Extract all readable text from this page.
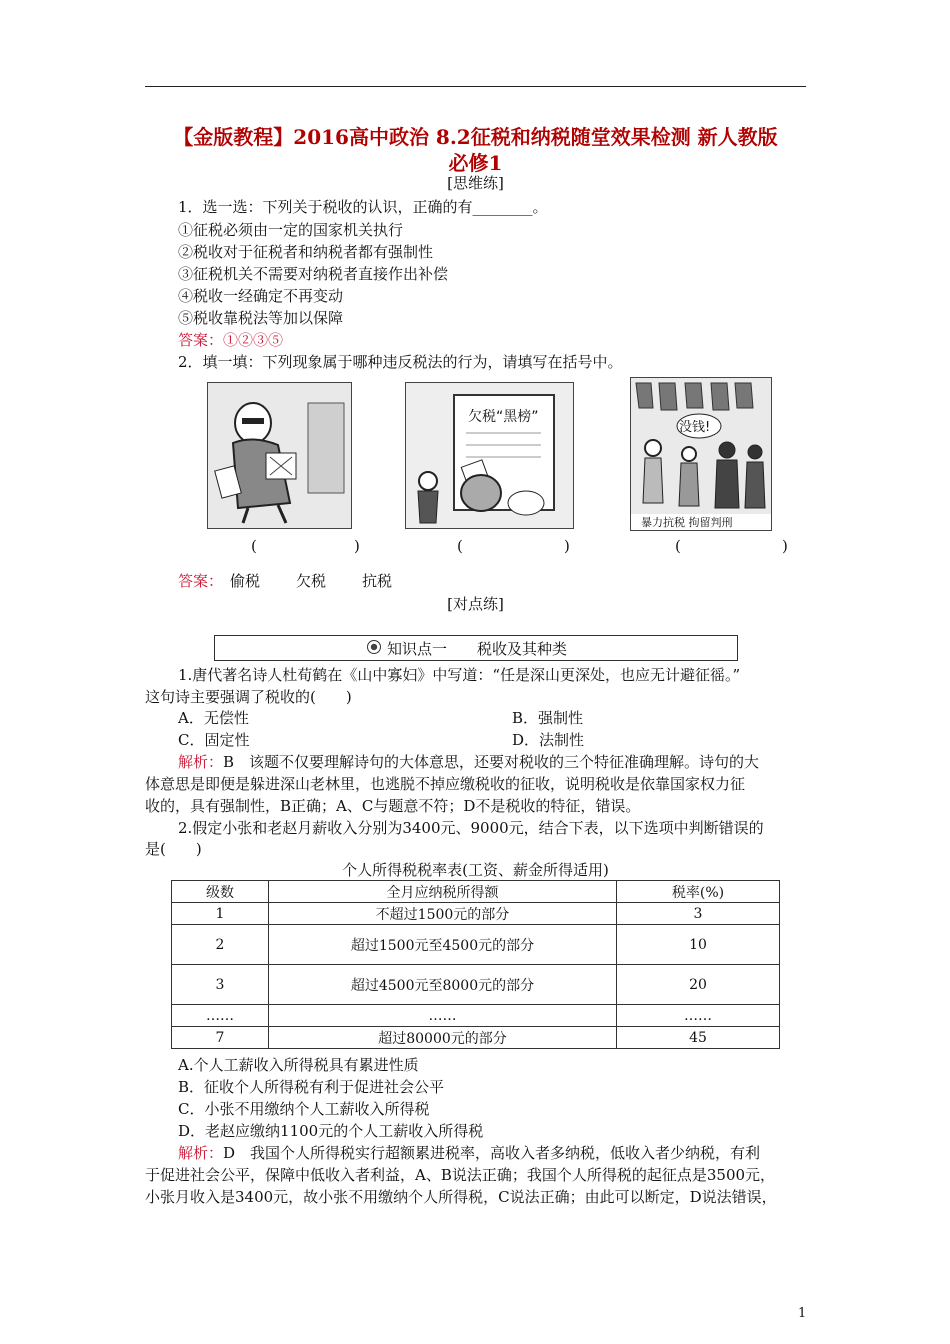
【金版教程】2016高中政治 8.2征税和纳税随堂效果检测 新人教版
必修1
[思维练]
1．选一选：下列关于税收的认识，正确的有________。
①征税必须由一定的国家机关执行
②税收对于征税者和纳税者都有强制性
③征税机关不需要对纳税者直接作出补偿
④税收一经确定不再变动
⑤税收靠税法等加以保障
答案：①②③⑤
2．填一填：下列现象属于哪种违反税法的行为，请填写在括号中。
欠税“黑榜”
没钱!
暴力抗税 拘留判刑
(	)	(	)	(	)
答案： 偷税 欠税 抗税
[对点练]
知识点一　　税收及其种类
1.唐代著名诗人杜荀鹤在《山中寡妇》中写道：“任是深山更深处，也应无计避征徭。”
这句诗主要强调了税收的(　　)
A．无偿性	B．强制性
C．固定性	D．法制性
解析：B　该题不仅要理解诗句的大体意思，还要对税收的三个特征准确理解。诗句的大
体意思是即便是躲进深山老林里，也逃脱不掉应缴税收的征收，说明税收是依靠国家权力征
收的，具有强制性，B正确；A、C与题意不符；D不是税收的特征，错误。
2.假定小张和老赵月薪收入分别为3400元、9000元，结合下表，以下选项中判断错误的
是(　　)
个人所得税税率表(工资、薪金所得适用)
级数	全月应纳税所得额	税率(%)
1	不超过1500元的部分	3
2	超过1500元至4500元的部分	10
3	超过4500元至8000元的部分	20
……	……	……
7	超过80000元的部分	45
A.个人工薪收入所得税具有累进性质
B．征收个人所得税有利于促进社会公平
C．小张不用缴纳个人工薪收入所得税
D．老赵应缴纳1100元的个人工薪收入所得税
解析：D　我国个人所得税实行超额累进税率，高收入者多纳税，低收入者少纳税，有利
于促进社会公平，保障中低收入者利益，A、B说法正确；我国个人所得税的起征点是3500元，
小张月收入是3400元，故小张不用缴纳个人所得税，C说法正确；由此可以断定，D说法错误，
1
